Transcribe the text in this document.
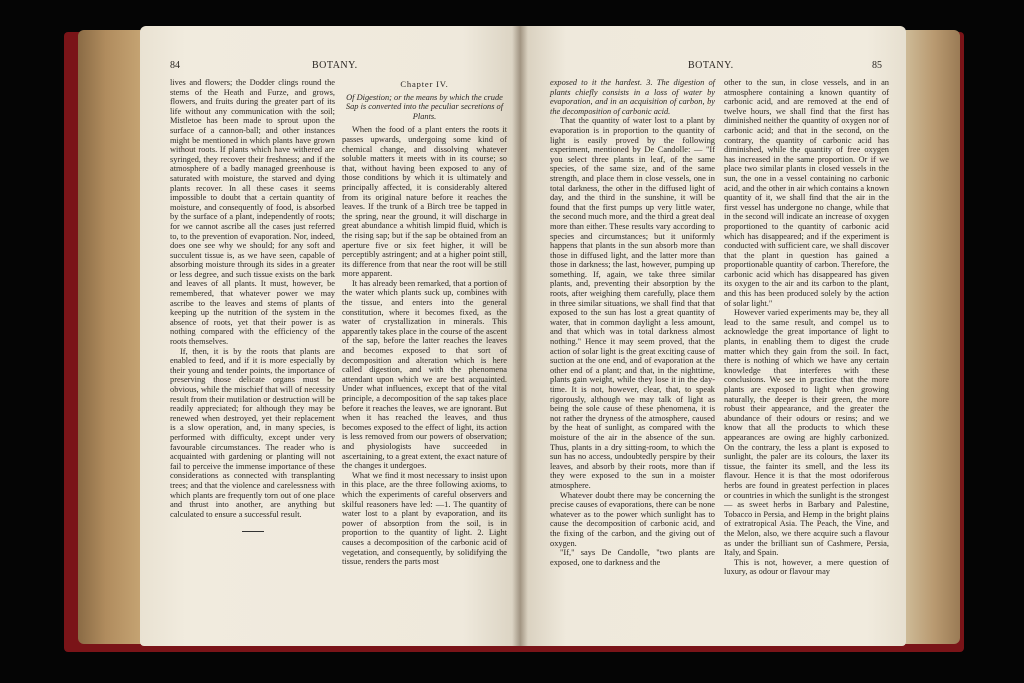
84	BOTANY.

lives and flowers; the Dodder clings round the stems of the Heath and Furze, and grows, flowers, and fruits during the greater part of its life without any communication with the soil; Mistletoe has been made to sprout upon the surface of a cannon-ball; and other instances might be mentioned in which plants have grown without roots. If plants which have withered are syringed, they recover their freshness; and if the atmosphere of a badly managed greenhouse is saturated with moisture, the starved and dying plants recover. In all these cases it seems impossible to doubt that a certain quantity of moisture, and consequently of food, is absorbed by the surface of a plant, independently of roots; for we cannot ascribe all the cases just referred to, to the prevention of evaporation. Nor, indeed, does one see why we should; for any soft and succulent tissue is, as we have seen, capable of absorbing moisture through its sides in a greater or less degree, and such tissue exists on the bark and leaves of all plants. It must, however, be remembered, that whatever power we may ascribe to the leaves and stems of plants of keeping up the nutrition of the system in the absence of roots, yet that their power is as nothing compared with the efficiency of the roots themselves.

If, then, it is by the roots that plants are enabled to feed, and if it is more especially by their young and tender points, the importance of preserving those delicate organs must be obvious, while the mischief that will of necessity result from their mutilation or destruction will be readily appreciated; for although they may be renewed when destroyed, yet their replacement is a slow operation, and, in many species, is performed with difficulty, except under very favourable circumstances. The reader who is acquainted with gardening or planting will not fail to perceive the immense importance of these considerations as connected with transplanting trees; and that the violence and carelessness with which plants are frequently torn out of one place and thrust into another, are anything but calculated to ensure a successful result.

Chapter IV.
Of Digestion; or the means by which the crude Sap is converted into the peculiar secretions of Plants.

When the food of a plant enters the roots it passes upwards, undergoing some kind of chemical change, and dissolving whatever soluble matters it meets with in its course; so that, without having been exposed to any of those conditions by which it is ultimately and principally affected, it is considerably altered from its original nature before it reaches the leaves. If the trunk of a Birch tree be tapped in the spring, near the ground, it will discharge in great abundance a whitish limpid fluid, which is the rising sap; but if the sap be obtained from an aperture five or six feet higher, it will be perceptibly astringent; and at a higher point still, its difference from that near the root will be still more apparent.

It has already been remarked, that a portion of the water which plants suck up, combines with the tissue, and enters into the general constitution, where it becomes fixed, as the water of crystallization in minerals. This apparently takes place in the course of the ascent of the sap, before the latter reaches the leaves and becomes exposed to that sort of decomposition and alteration which is here called digestion, and with the phenomena attendant upon which we are best acquainted. Under what influences, except that of the vital principle, a decomposition of the sap takes place before it reaches the leaves, we are ignorant. But when it has reached the leaves, and thus becomes exposed to the effect of light, its action is less removed from our powers of observation; and physiologists have succeeded in ascertaining, to a great extent, the exact nature of the changes it undergoes.

What we find it most necessary to insist upon in this place, are the three following axioms, to which the experiments of careful observers and skilful reasoners have led: —1. The quantity of water lost to a plant by evaporation, and its power of absorption from the soil, is in proportion to the quantity of light. 2. Light causes a decomposition of the carbonic acid of vegetation, and consequently, by solidifying the tissue, renders the parts most

BOTANY.	85

exposed to it the hardest. 3. The digestion of plants chiefly consists in a loss of water by evaporation, and in an acquisition of carbon, by the decomposition of carbonic acid.

That the quantity of water lost to a plant by evaporation is in proportion to the quantity of light is easily proved by the following experiment, mentioned by De Candolle: — "If you select three plants in leaf, of the same species, of the same size, and of the same strength, and place them in close vessels, one in total darkness, the other in the diffused light of day, and the third in the sunshine, it will be found that the first pumps up very little water, the second much more, and the third a great deal more than either. These results vary according to species and circumstances; but it uniformly happens that plants in the sun absorb more than those in diffused light, and the latter more than those in darkness; the last, however, pumping up something. If, again, we take three similar plants, and, preventing their absorption by the roots, after weighing them carefully, place them in three similar situations, we shall find that that exposed to the sun has lost a great quantity of water, that in common daylight a less amount, and that which was in total darkness almost nothing." Hence it may seem proved, that the action of solar light is the great exciting cause of suction at the one end, and of evaporation at the other end of a plant; and that, in the nighttime, plants gain weight, while they lose it in the day-time. It is not, however, clear, that, to speak rigorously, although we may talk of light as being the sole cause of these phenomena, it is not rather the dryness of the atmosphere, caused by the heat of sunlight, as compared with the moisture of the air in the absence of the sun. Thus, plants in a dry sitting-room, to which the sun has no access, undoubtedly perspire by their leaves, and absorb by their roots, more than if they were exposed to the sun in a moister atmosphere.

Whatever doubt there may be concerning the precise causes of evaporations, there can be none whatever as to the power which sunlight has to cause the decomposition of carbonic acid, and the fixing of the carbon, and the giving out of oxygen.

"If," says De Candolle, "two plants are exposed, one to darkness and the

other to the sun, in close vessels, and in an atmosphere containing a known quantity of carbonic acid, and are removed at the end of twelve hours, we shall find that the first has diminished neither the quantity of oxygen nor of carbonic acid; and that in the second, on the contrary, the quantity of carbonic acid has diminished, while the quantity of free oxygen has increased in the same proportion. Or if we place two similar plants in closed vessels in the sun, the one in a vessel containing no carbonic acid, and the other in air which contains a known quantity of it, we shall find that the air in the first vessel has undergone no change, while that in the second will indicate an increase of oxygen proportioned to the quantity of carbonic acid which has disappeared; and if the experiment is conducted with sufficient care, we shall discover that the plant in question has gained a proportionable quantity of carbon. Therefore, the carbonic acid which has disappeared has given its oxygen to the air and its carbon to the plant, and this has been produced solely by the action of solar light."

However varied experiments may be, they all lead to the same result, and compel us to acknowledge the great importance of light to plants, in enabling them to digest the crude matter which they gain from the soil. In fact, there is nothing of which we have any certain knowledge that interferes with these conclusions. We see in practice that the more plants are exposed to light when growing naturally, the deeper is their green, the more robust their appearance, and the greater the abundance of their odours or resins; and we know that all the products to which these appearances are owing are highly carbonized. On the contrary, the less a plant is exposed to sunlight, the paler are its colours, the laxer its tissue, the fainter its smell, and the less its flavour. Hence it is that the most odoriferous herbs are found in greatest perfection in places or countries in which the sunlight is the strongest— as sweet herbs in Barbary and Palestine, Tobacco in Persia, and Hemp in the bright plains of extratropical Asia. The Peach, the Vine, and the Melon, also, we there acquire such a flavour as under the brilliant sun of Cashmere, Persia, Italy, and Spain.

This is not, however, a mere question of luxury, as odour or flavour may
